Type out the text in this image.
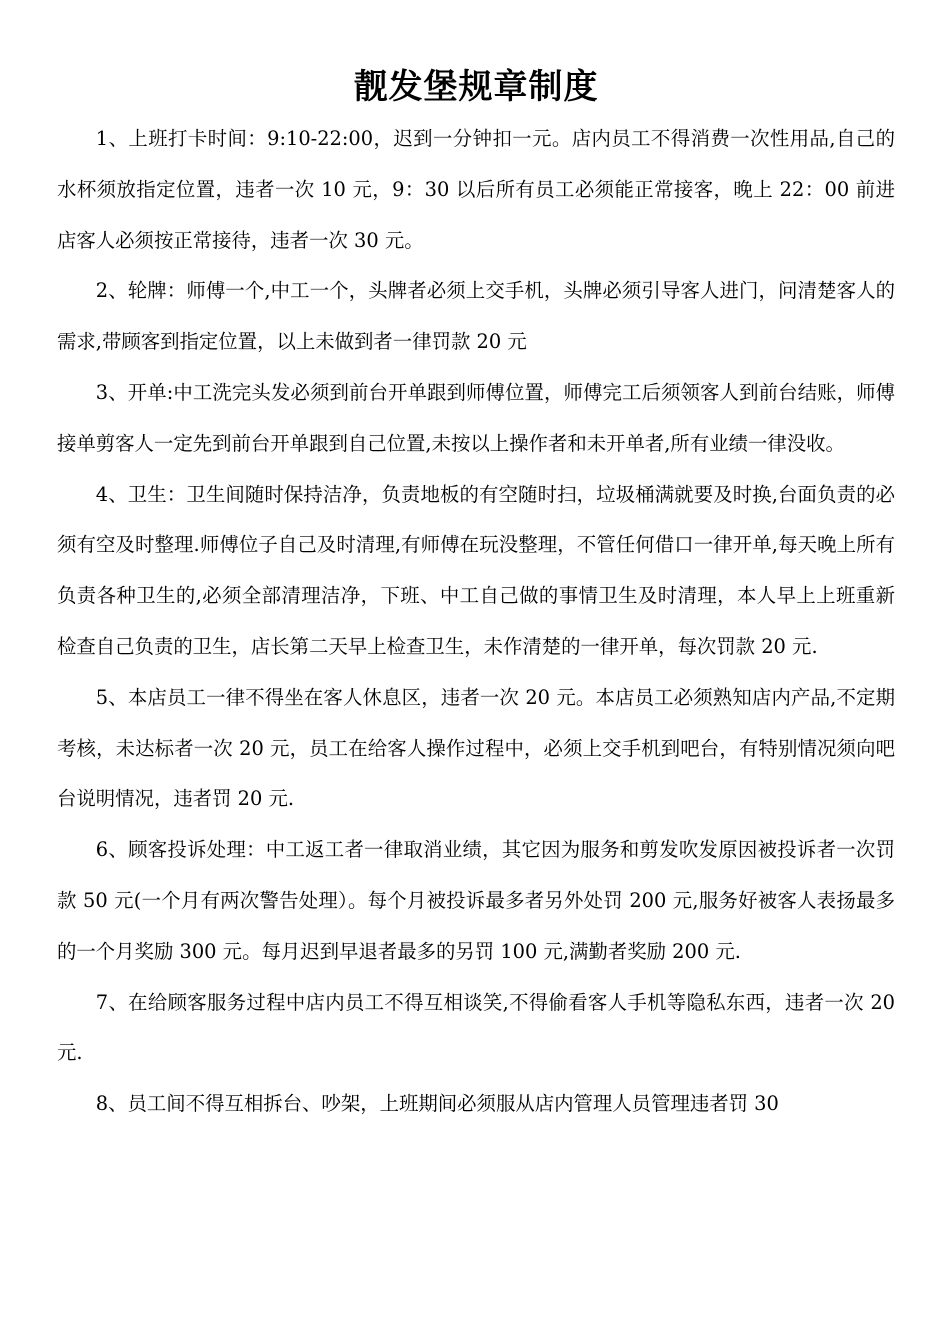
靓发堡规章制度

1、上班打卡时间：9:10-22:00，迟到一分钟扣一元。店内员工不得消费一次性用品,自己的水杯须放指定位置，违者一次 10 元，9：30 以后所有员工必须能正常接客，晚上 22：00 前进店客人必须按正常接待，违者一次 30 元。

2、轮牌：师傅一个,中工一个，头牌者必须上交手机，头牌必须引导客人进门，问清楚客人的需求,带顾客到指定位置，以上未做到者一律罚款 20 元

3、开单:中工洗完头发必须到前台开单跟到师傅位置，师傅完工后须领客人到前台结账，师傅接单剪客人一定先到前台开单跟到自己位置,未按以上操作者和未开单者,所有业绩一律没收。

4、卫生：卫生间随时保持洁净，负责地板的有空随时扫，垃圾桶满就要及时换,台面负责的必须有空及时整理.师傅位子自己及时清理,有师傅在玩没整理，不管任何借口一律开单,每天晚上所有负责各种卫生的,必须全部清理洁净，下班、中工自己做的事情卫生及时清理，本人早上上班重新检查自己负责的卫生，店长第二天早上检查卫生，未作清楚的一律开单，每次罚款 20 元.

5、本店员工一律不得坐在客人休息区，违者一次 20 元。本店员工必须熟知店内产品,不定期考核，未达标者一次 20 元，员工在给客人操作过程中，必须上交手机到吧台，有特别情况须向吧台说明情况，违者罚 20 元.

6、顾客投诉处理：中工返工者一律取消业绩，其它因为服务和剪发吹发原因被投诉者一次罚款 50 元(一个月有两次警告处理）。每个月被投诉最多者另外处罚 200 元,服务好被客人表扬最多的一个月奖励 300 元。每月迟到早退者最多的另罚 100 元,满勤者奖励 200 元.

7、在给顾客服务过程中店内员工不得互相谈笑,不得偷看客人手机等隐私东西，违者一次 20 元.

8、员工间不得互相拆台、吵架，上班期间必须服从店内管理人员管理违者罚 30
